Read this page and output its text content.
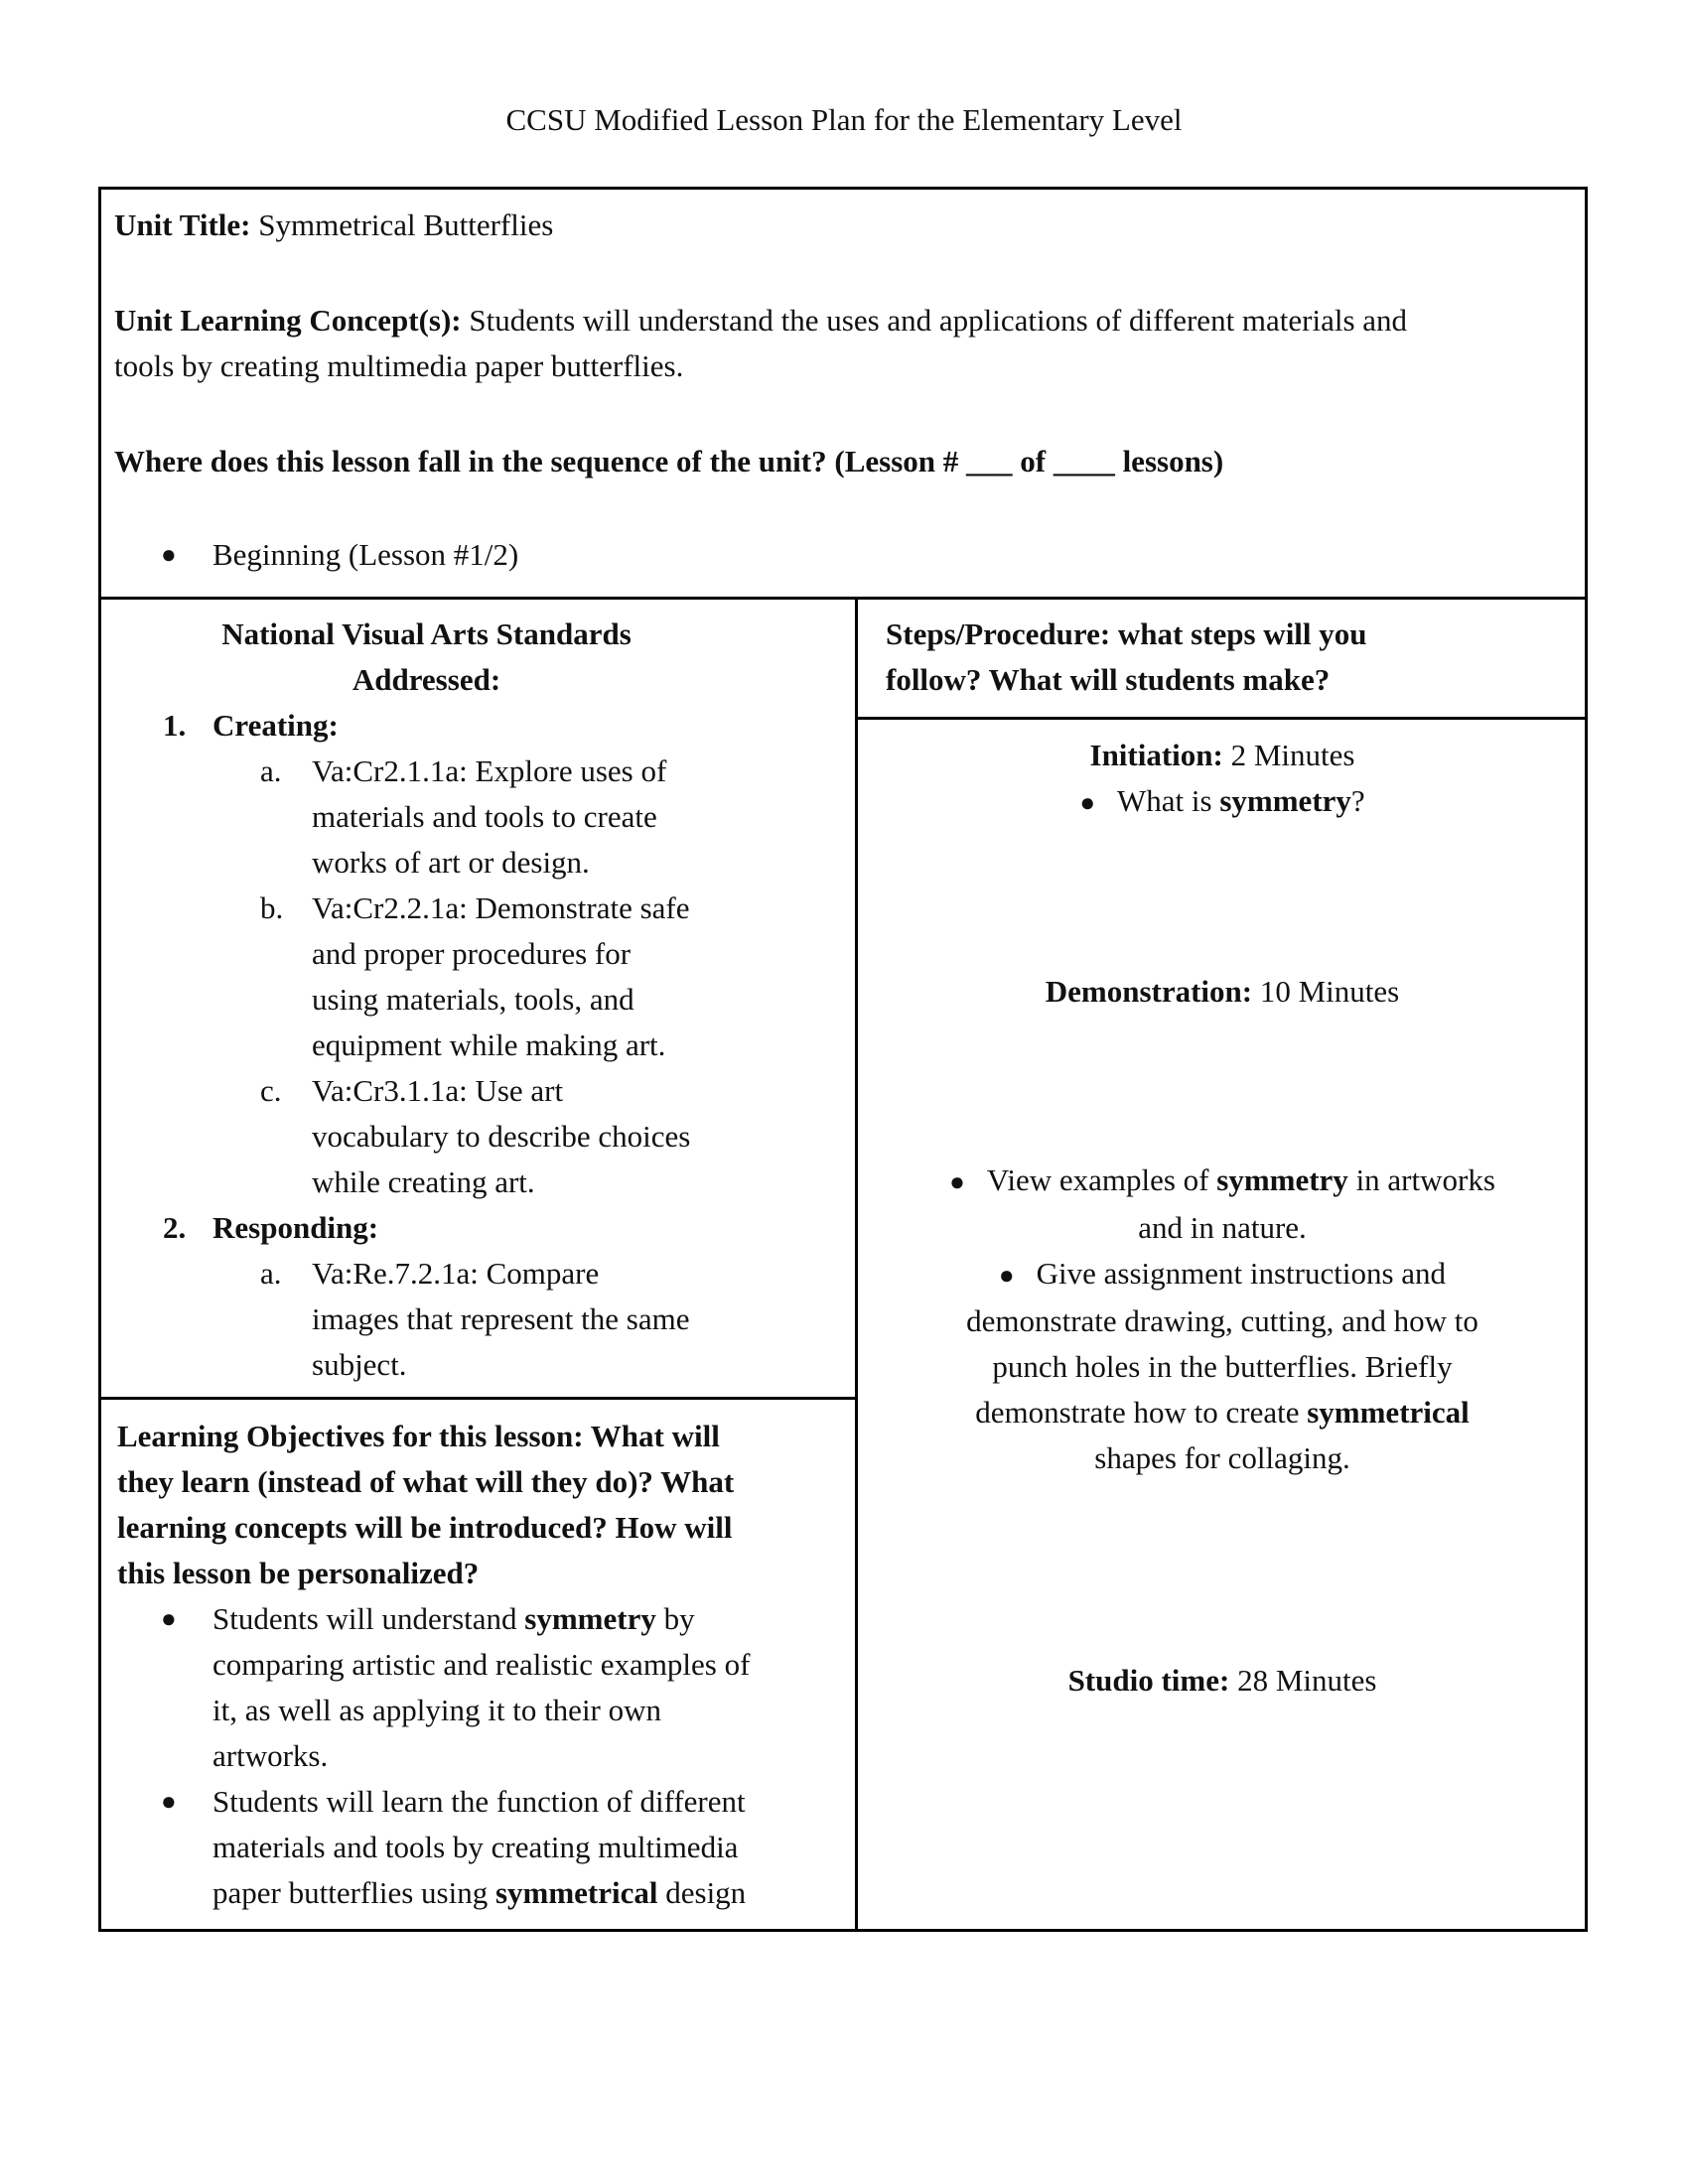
CCSU Modified Lesson Plan for the Elementary Level
Unit Title: Symmetrical Butterflies
Unit Learning Concept(s): Students will understand the uses and applications of different materials and
tools by creating multimedia paper butterflies.
Where does this lesson fall in the sequence of the unit? (Lesson # ___ of ____ lessons)
● Beginning (Lesson #1/2)
National Visual Arts Standards
Addressed:
1. Creating:
a. Va:Cr2.1.1a: Explore uses of
materials and tools to create
works of art or design.
b. Va:Cr2.2.1a: Demonstrate safe
and proper procedures for
using materials, tools, and
equipment while making art.
c. Va:Cr3.1.1a: Use art
vocabulary to describe choices
while creating art.
2. Responding:
a. Va:Re.7.2.1a: Compare
images that represent the same
subject.
Learning Objectives for this lesson: What will
they learn (instead of what will they do)? What
learning concepts will be introduced? How will
this lesson be personalized?
● Students will understand symmetry by
comparing artistic and realistic examples of
it, as well as applying it to their own
artworks.
● Students will learn the function of different
materials and tools by creating multimedia
paper butterflies using symmetrical design
Steps/Procedure: what steps will you
follow? What will students make?
Initiation: 2 Minutes
● What is symmetry?
Demonstration: 10 Minutes
● View examples of symmetry in artworks
and in nature.
● Give assignment instructions and
demonstrate drawing, cutting, and how to
punch holes in the butterflies. Briefly
demonstrate how to create symmetrical
shapes for collaging.
Studio time: 28 Minutes
